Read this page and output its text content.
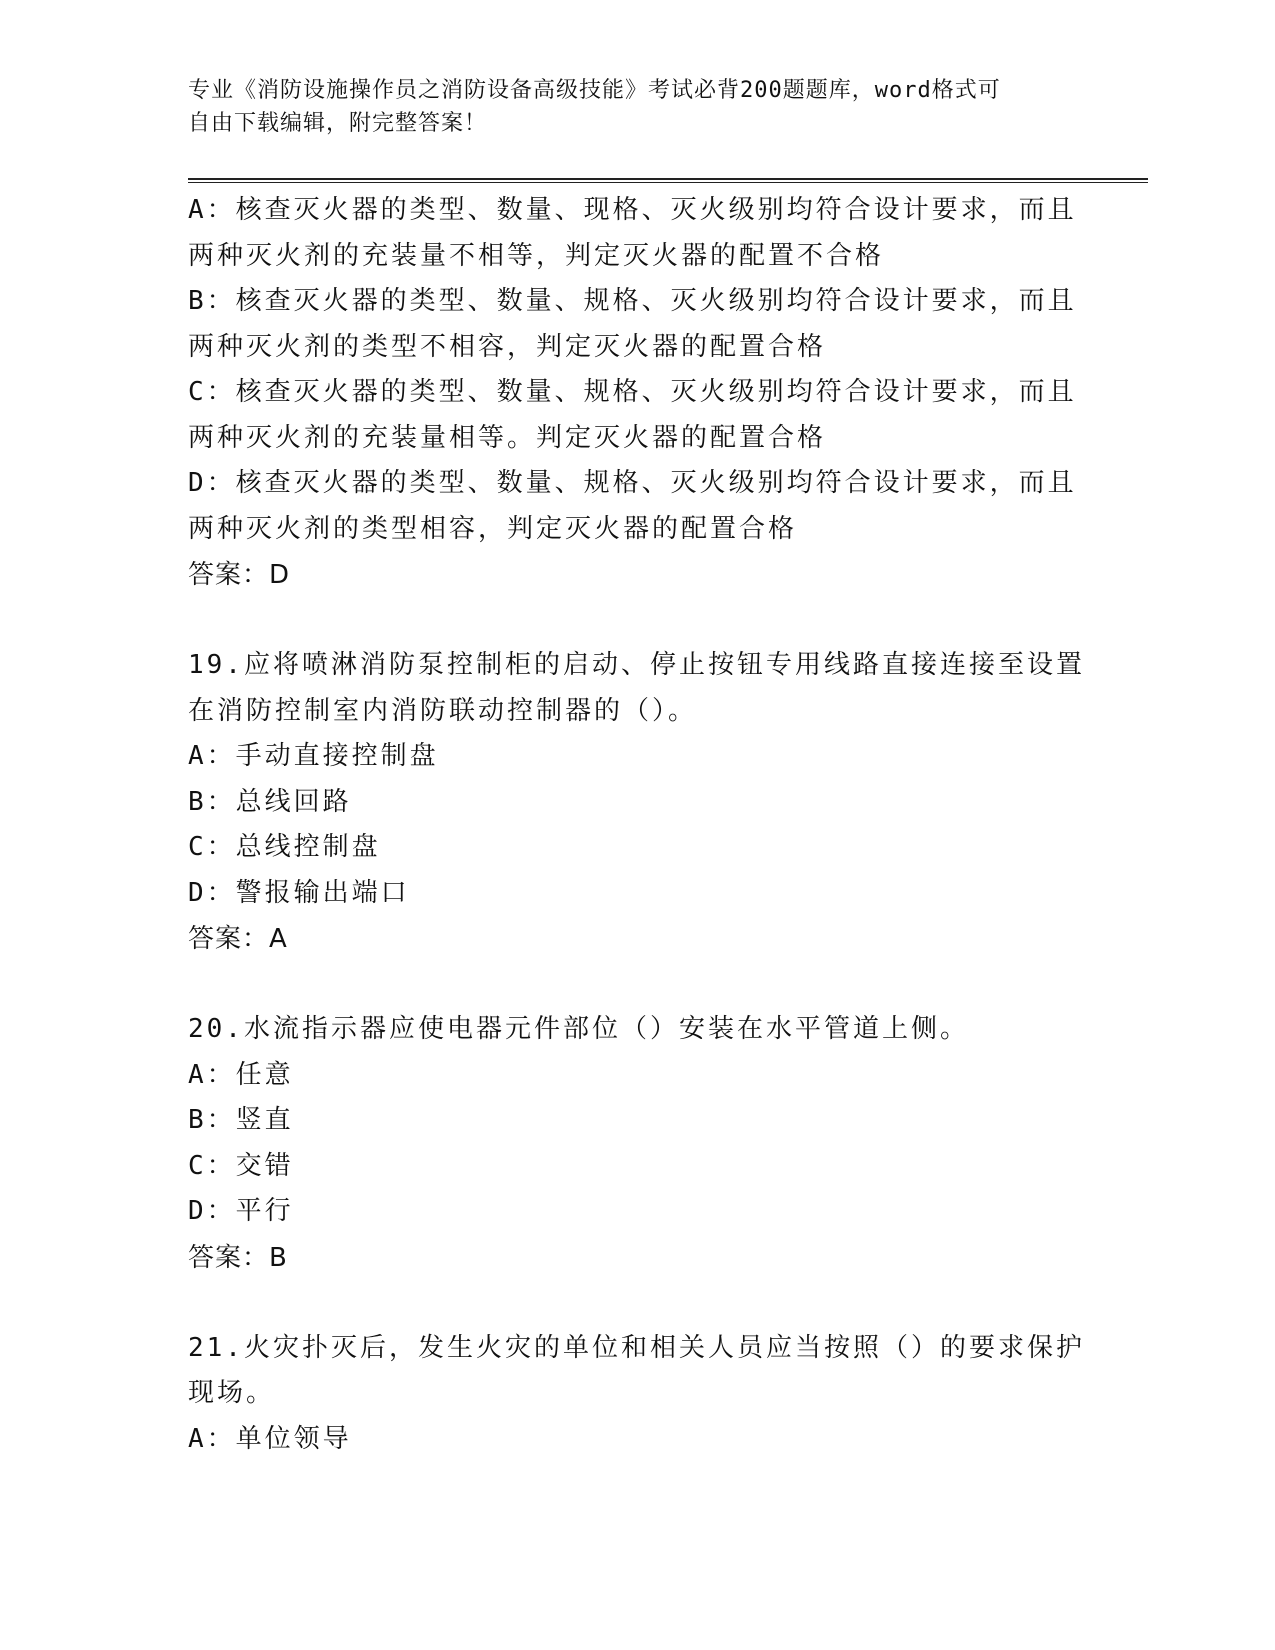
专业《消防设施操作员之消防设备高级技能》考试必背200题题库，word格式可
自由下载编辑，附完整答案！
A：核查灭火器的类型、数量、现格、灭火级别均符合设计要求，而且
两种灭火剂的充装量不相等，判定灭火器的配置不合格
B：核查灭火器的类型、数量、规格、灭火级别均符合设计要求，而且
两种灭火剂的类型不相容，判定灭火器的配置合格
C：核查灭火器的类型、数量、规格、灭火级别均符合设计要求，而且
两种灭火剂的充装量相等。判定灭火器的配置合格
D：核查灭火器的类型、数量、规格、灭火级别均符合设计要求，而且
两种灭火剂的类型相容，判定灭火器的配置合格
答案：D
19.应将喷淋消防泵控制柜的启动、停止按钮专用线路直接连接至设置
在消防控制室内消防联动控制器的（）。
A：手动直接控制盘
B：总线回路
C：总线控制盘
D：警报输出端口
答案：A
20.水流指示器应使电器元件部位（）安装在水平管道上侧。
A：任意
B：竖直
C：交错
D：平行
答案：B
21.火灾扑灭后，发生火灾的单位和相关人员应当按照（）的要求保护
现场。
A：单位领导
